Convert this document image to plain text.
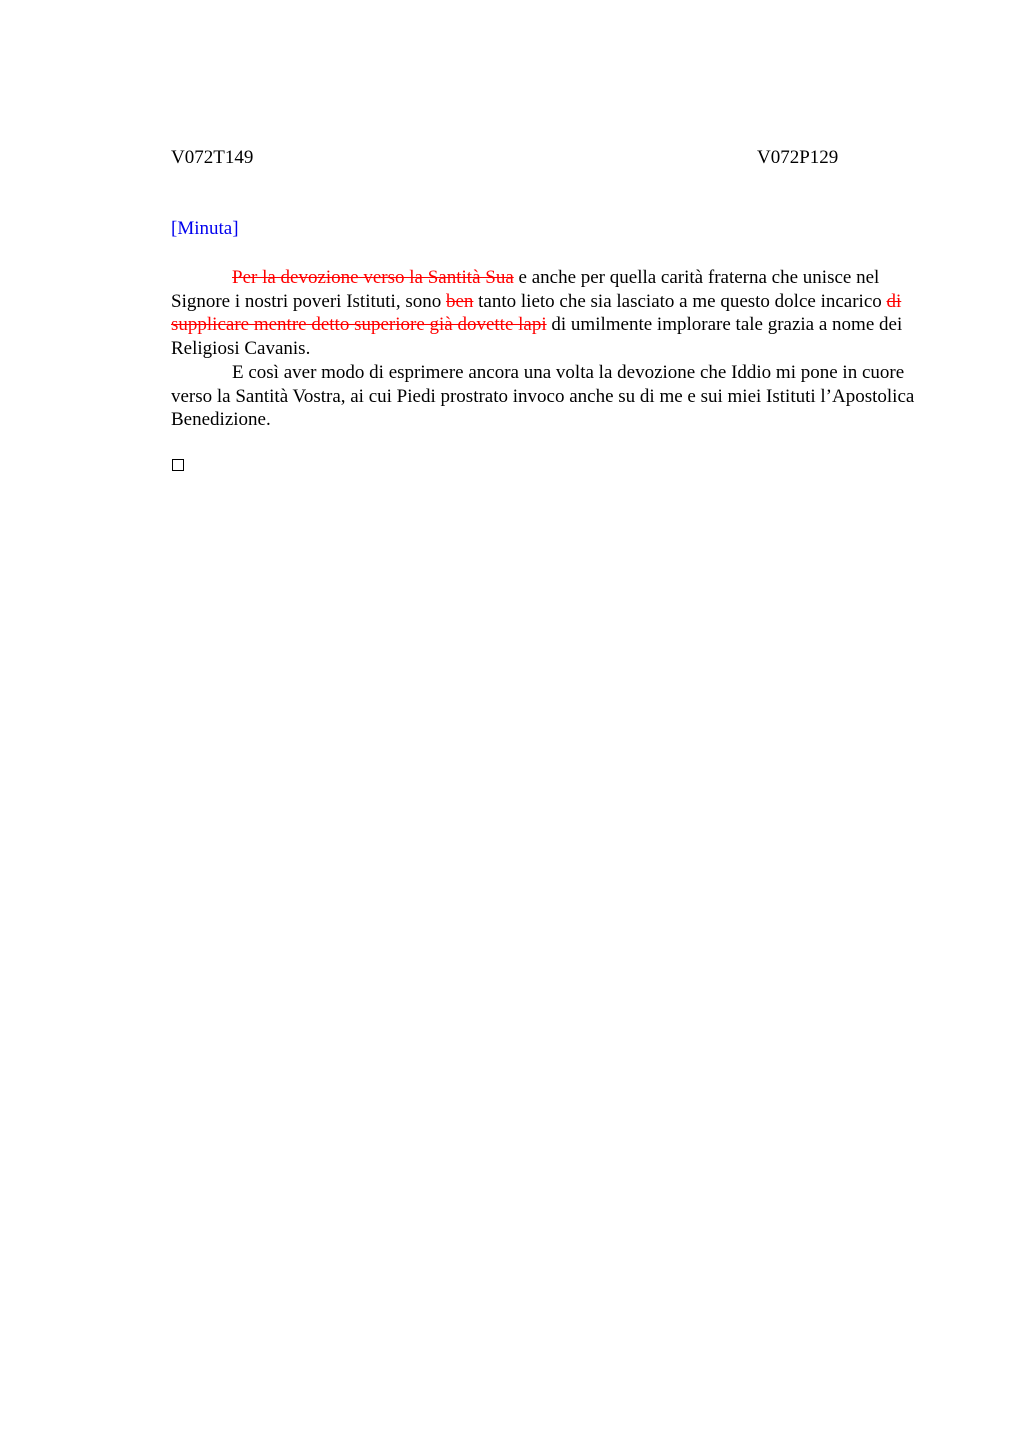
V072T149	V072P129
[Minuta]

Per la devozione verso la Santità Sua e anche per quella carità fraterna che unisce nel Signore i nostri poveri Istituti, sono ben tanto lieto che sia lasciato a me questo dolce incarico di supplicare mentre detto superiore già dovette lapi di umilmente implorare tale grazia a nome dei Religiosi Cavanis.

E così aver modo di esprimere ancora una volta la devozione che Iddio mi pone in cuore verso la Santità Vostra, ai cui Piedi prostrato invoco anche su di me e sui miei Istituti l’Apostolica Benedizione.
